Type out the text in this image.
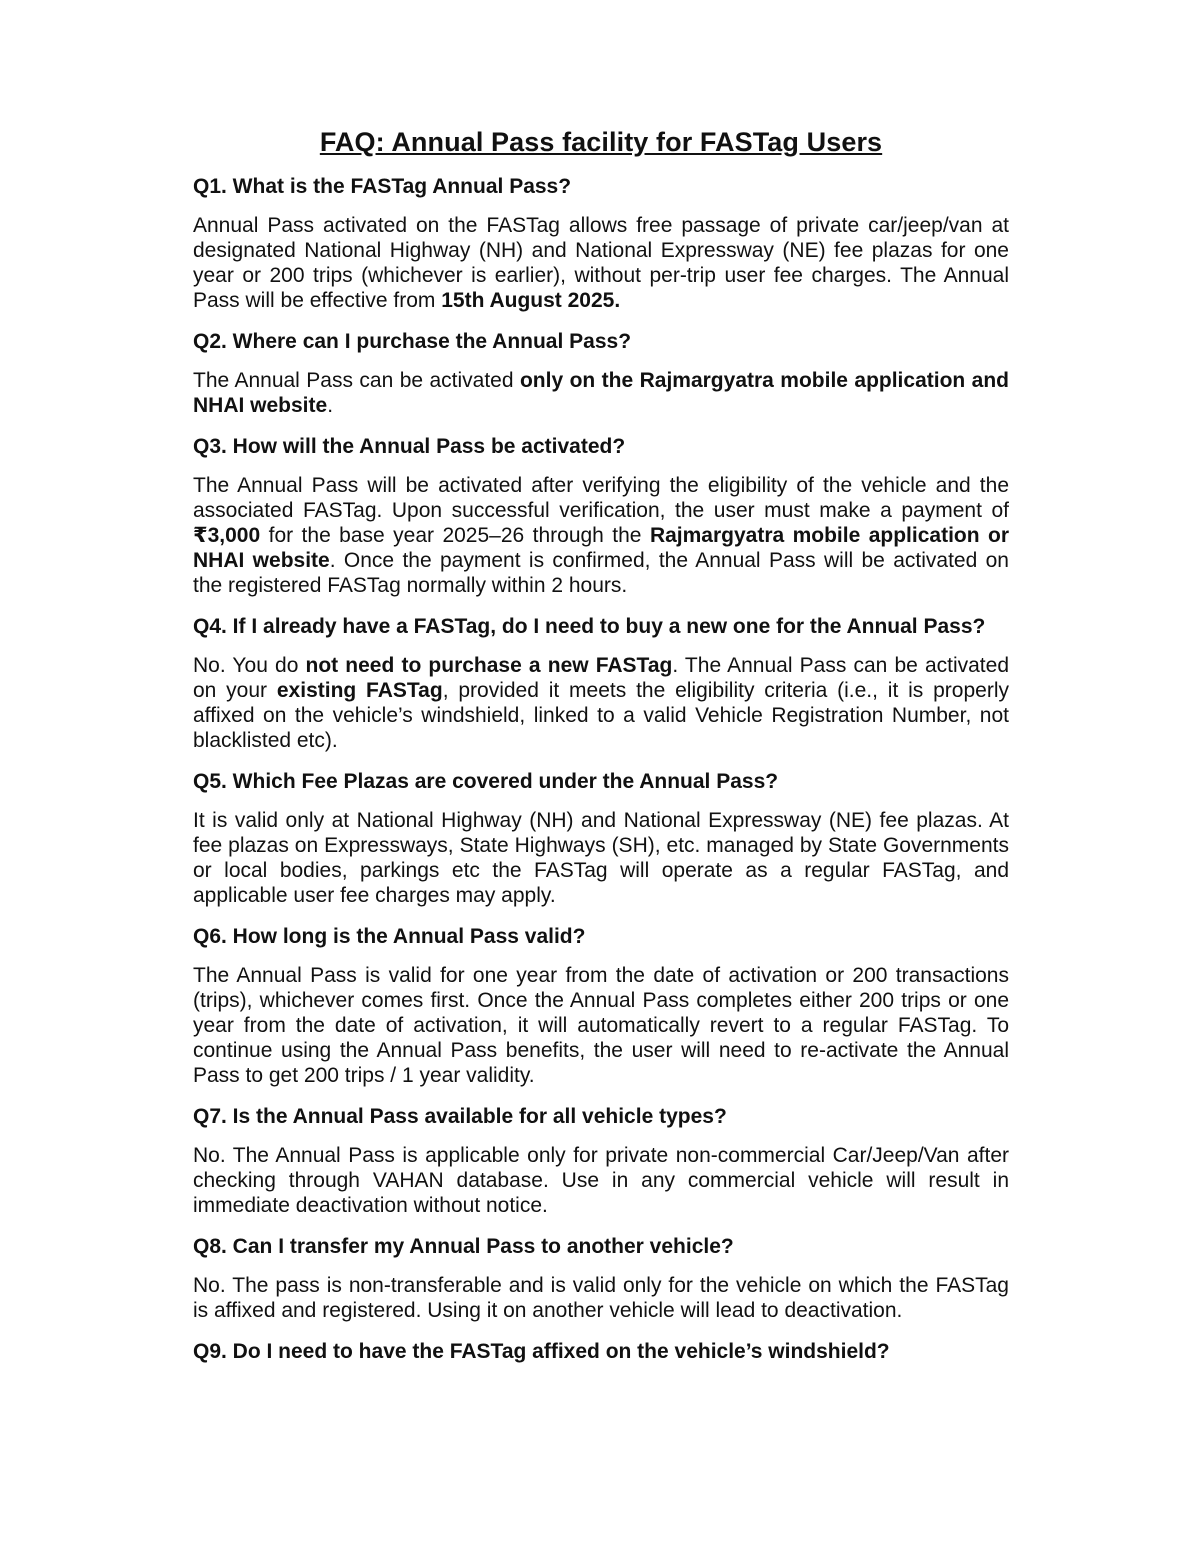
FAQ: Annual Pass facility for FASTag Users
Q1. What is the FASTag Annual Pass?
Annual Pass activated on the FASTag allows free passage of private car/jeep/van at designated National Highway (NH) and National Expressway (NE) fee plazas for one year or 200 trips (whichever is earlier), without per-trip user fee charges. The Annual Pass will be effective from 15th August 2025.
Q2. Where can I purchase the Annual Pass?
The Annual Pass can be activated only on the Rajmargyatra mobile application and NHAI website.
Q3. How will the Annual Pass be activated?
The Annual Pass will be activated after verifying the eligibility of the vehicle and the associated FASTag. Upon successful verification, the user must make a payment of ₹3,000 for the base year 2025–26 through the Rajmargyatra mobile application or NHAI website. Once the payment is confirmed, the Annual Pass will be activated on the registered FASTag normally within 2 hours.
Q4. If I already have a FASTag, do I need to buy a new one for the Annual Pass?
No. You do not need to purchase a new FASTag. The Annual Pass can be activated on your existing FASTag, provided it meets the eligibility criteria (i.e., it is properly affixed on the vehicle’s windshield, linked to a valid Vehicle Registration Number, not blacklisted etc).
Q5. Which Fee Plazas are covered under the Annual Pass?
It is valid only at National Highway (NH) and National Expressway (NE) fee plazas. At fee plazas on Expressways, State Highways (SH), etc. managed by State Governments or local bodies, parkings etc the FASTag will operate as a regular FASTag, and applicable user fee charges may apply.
Q6. How long is the Annual Pass valid?
The Annual Pass is valid for one year from the date of activation or 200 transactions (trips), whichever comes first. Once the Annual Pass completes either 200 trips or one year from the date of activation, it will automatically revert to a regular FASTag. To continue using the Annual Pass benefits, the user will need to re-activate the Annual Pass to get 200 trips / 1 year validity.
Q7. Is the Annual Pass available for all vehicle types?
No. The Annual Pass is applicable only for private non-commercial Car/Jeep/Van after checking through VAHAN database. Use in any commercial vehicle will result in immediate deactivation without notice.
Q8. Can I transfer my Annual Pass to another vehicle?
No. The pass is non-transferable and is valid only for the vehicle on which the FASTag is affixed and registered. Using it on another vehicle will lead to deactivation.
Q9. Do I need to have the FASTag affixed on the vehicle’s windshield?
